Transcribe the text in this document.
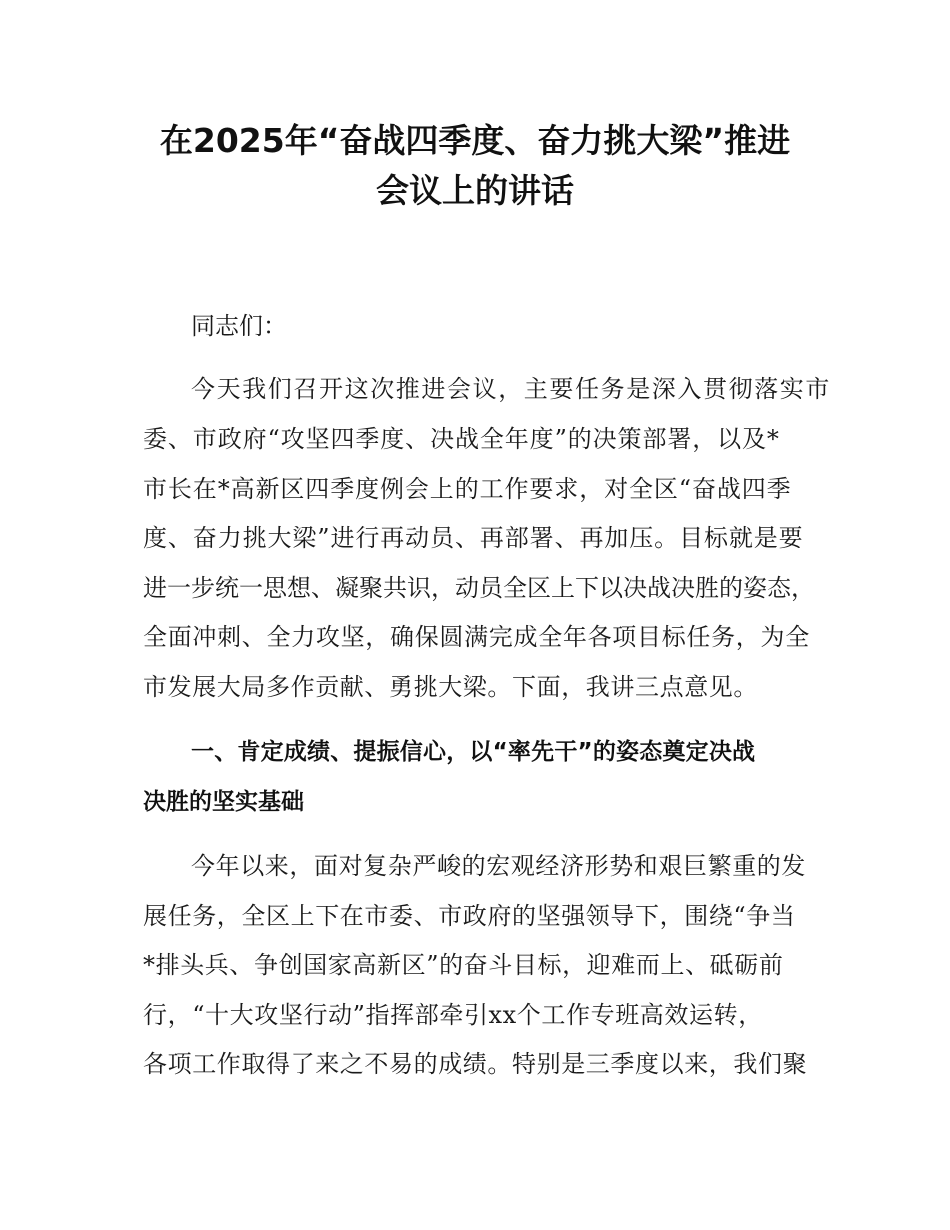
在2025年“奋战四季度、奋力挑大梁”推进
会议上的讲话
同志们：
今天我们召开这次推进会议，主要任务是深入贯彻落实市
委、市政府“攻坚四季度、决战全年度”的决策部署，以及*
市长在*高新区四季度例会上的工作要求，对全区“奋战四季
度、奋力挑大梁”进行再动员、再部署、再加压。目标就是要
进一步统一思想、凝聚共识，动员全区上下以决战决胜的姿态，
全面冲刺、全力攻坚，确保圆满完成全年各项目标任务，为全
市发展大局多作贡献、勇挑大梁。下面，我讲三点意见。
一、肯定成绩、提振信心，以“率先干”的姿态奠定决战
决胜的坚实基础
今年以来，面对复杂严峻的宏观经济形势和艰巨繁重的发
展任务，全区上下在市委、市政府的坚强领导下，围绕“争当
*排头兵、争创国家高新区”的奋斗目标，迎难而上、砥砺前
行，“十大攻坚行动”指挥部牵引xx个工作专班高效运转，
各项工作取得了来之不易的成绩。特别是三季度以来，我们聚
